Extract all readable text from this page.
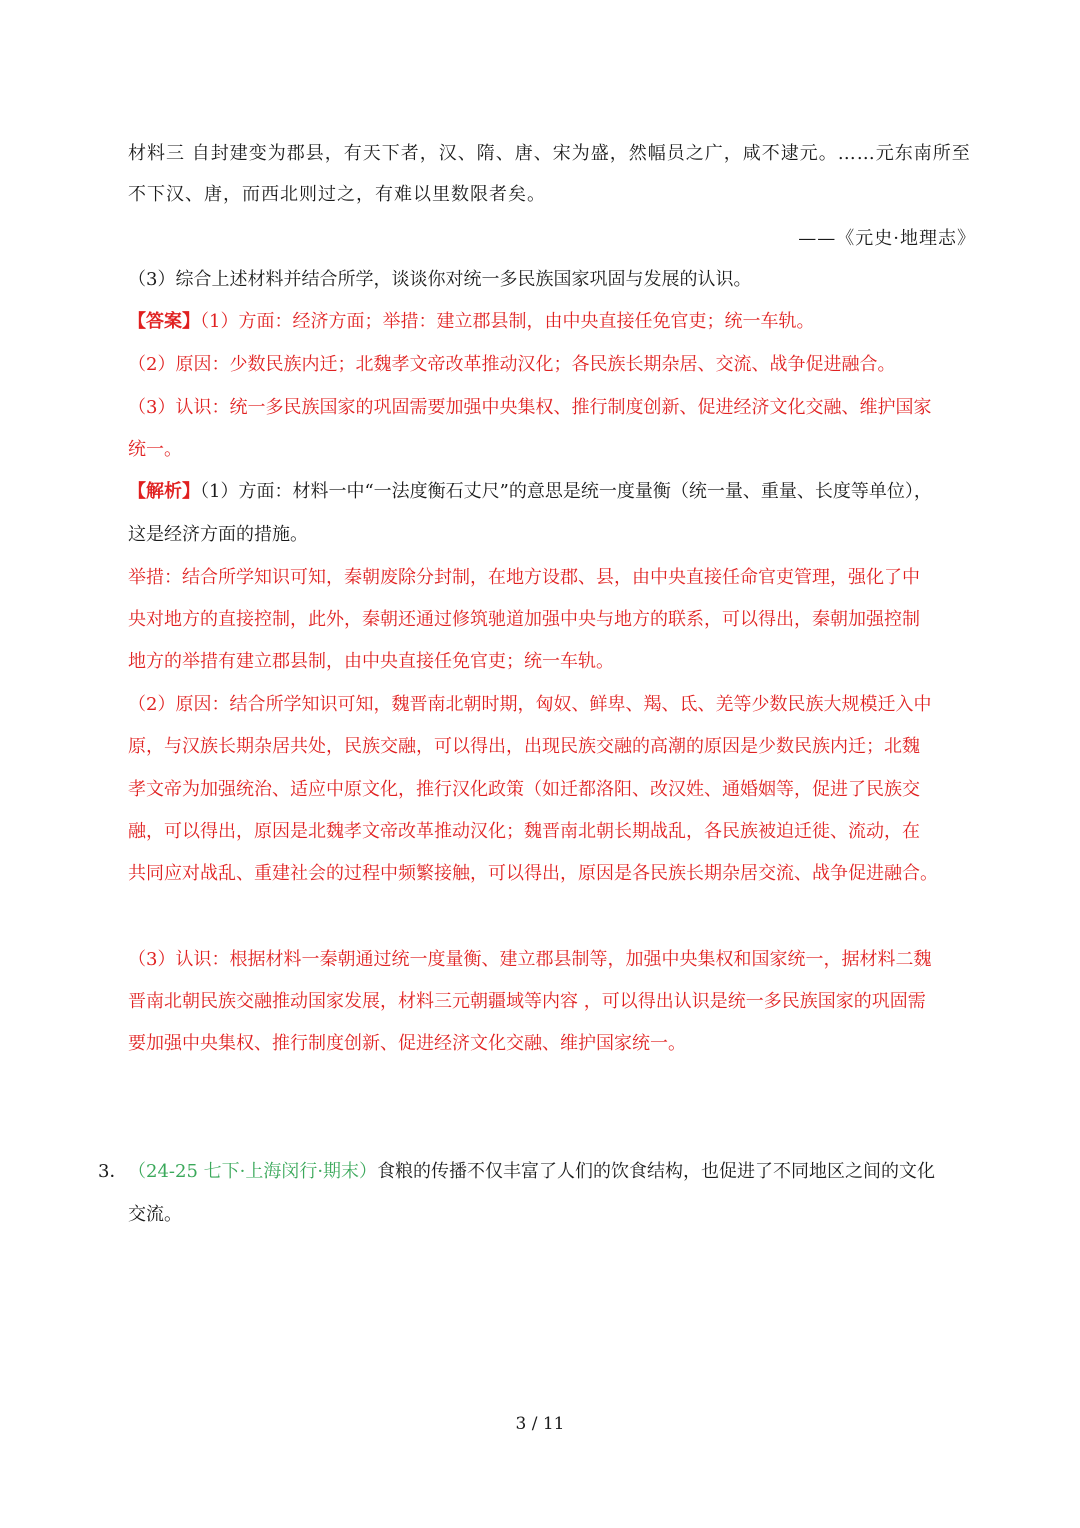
材料三 自封建变为郡县，有天下者，汉、隋、唐、宋为盛，然幅员之广，咸不逮元。……元东南所至
不下汉、唐，而西北则过之，有难以里数限者矣。
——《元史·地理志》
（3）综合上述材料并结合所学，谈谈你对统一多民族国家巩固与发展的认识。
【答案】（1）方面：经济方面；举措：建立郡县制，由中央直接任免官吏；统一车轨。
（2）原因：少数民族内迁；北魏孝文帝改革推动汉化；各民族长期杂居、交流、战争促进融合。
（3）认识：统一多民族国家的巩固需要加强中央集权、推行制度创新、促进经济文化交融、维护国家
统一。
【解析】（1）方面：材料一中“一法度衡石丈尺”的意思是统一度量衡（统一量、重量、长度等单位），
这是经济方面的措施。
举措：结合所学知识可知，秦朝废除分封制，在地方设郡、县，由中央直接任命官吏管理，强化了中
央对地方的直接控制，此外，秦朝还通过修筑驰道加强中央与地方的联系，可以得出，秦朝加强控制
地方的举措有建立郡县制，由中央直接任免官吏；统一车轨。
（2）原因：结合所学知识可知，魏晋南北朝时期，匈奴、鲜卑、羯、氐、羌等少数民族大规模迁入中
原，与汉族长期杂居共处，民族交融，可以得出，出现民族交融的高潮的原因是少数民族内迁；北魏
孝文帝为加强统治、适应中原文化，推行汉化政策（如迁都洛阳、改汉姓、通婚姻等，促进了民族交
融，可以得出，原因是北魏孝文帝改革推动汉化；魏晋南北朝长期战乱，各民族被迫迁徙、流动，在
共同应对战乱、重建社会的过程中频繁接触，可以得出，原因是各民族长期杂居交流、战争促进融合。
（3）认识：根据材料一秦朝通过统一度量衡、建立郡县制等，加强中央集权和国家统一，据材料二魏
晋南北朝民族交融推动国家发展，材料三元朝疆域等内容 ，可以得出认识是统一多民族国家的巩固需
要加强中央集权、推行制度创新、促进经济文化交融、维护国家统一。
3． （24-25 七下·上海闵行·期末）食粮的传播不仅丰富了人们的饮食结构，也促进了不同地区之间的文化
交流。
3 / 11
